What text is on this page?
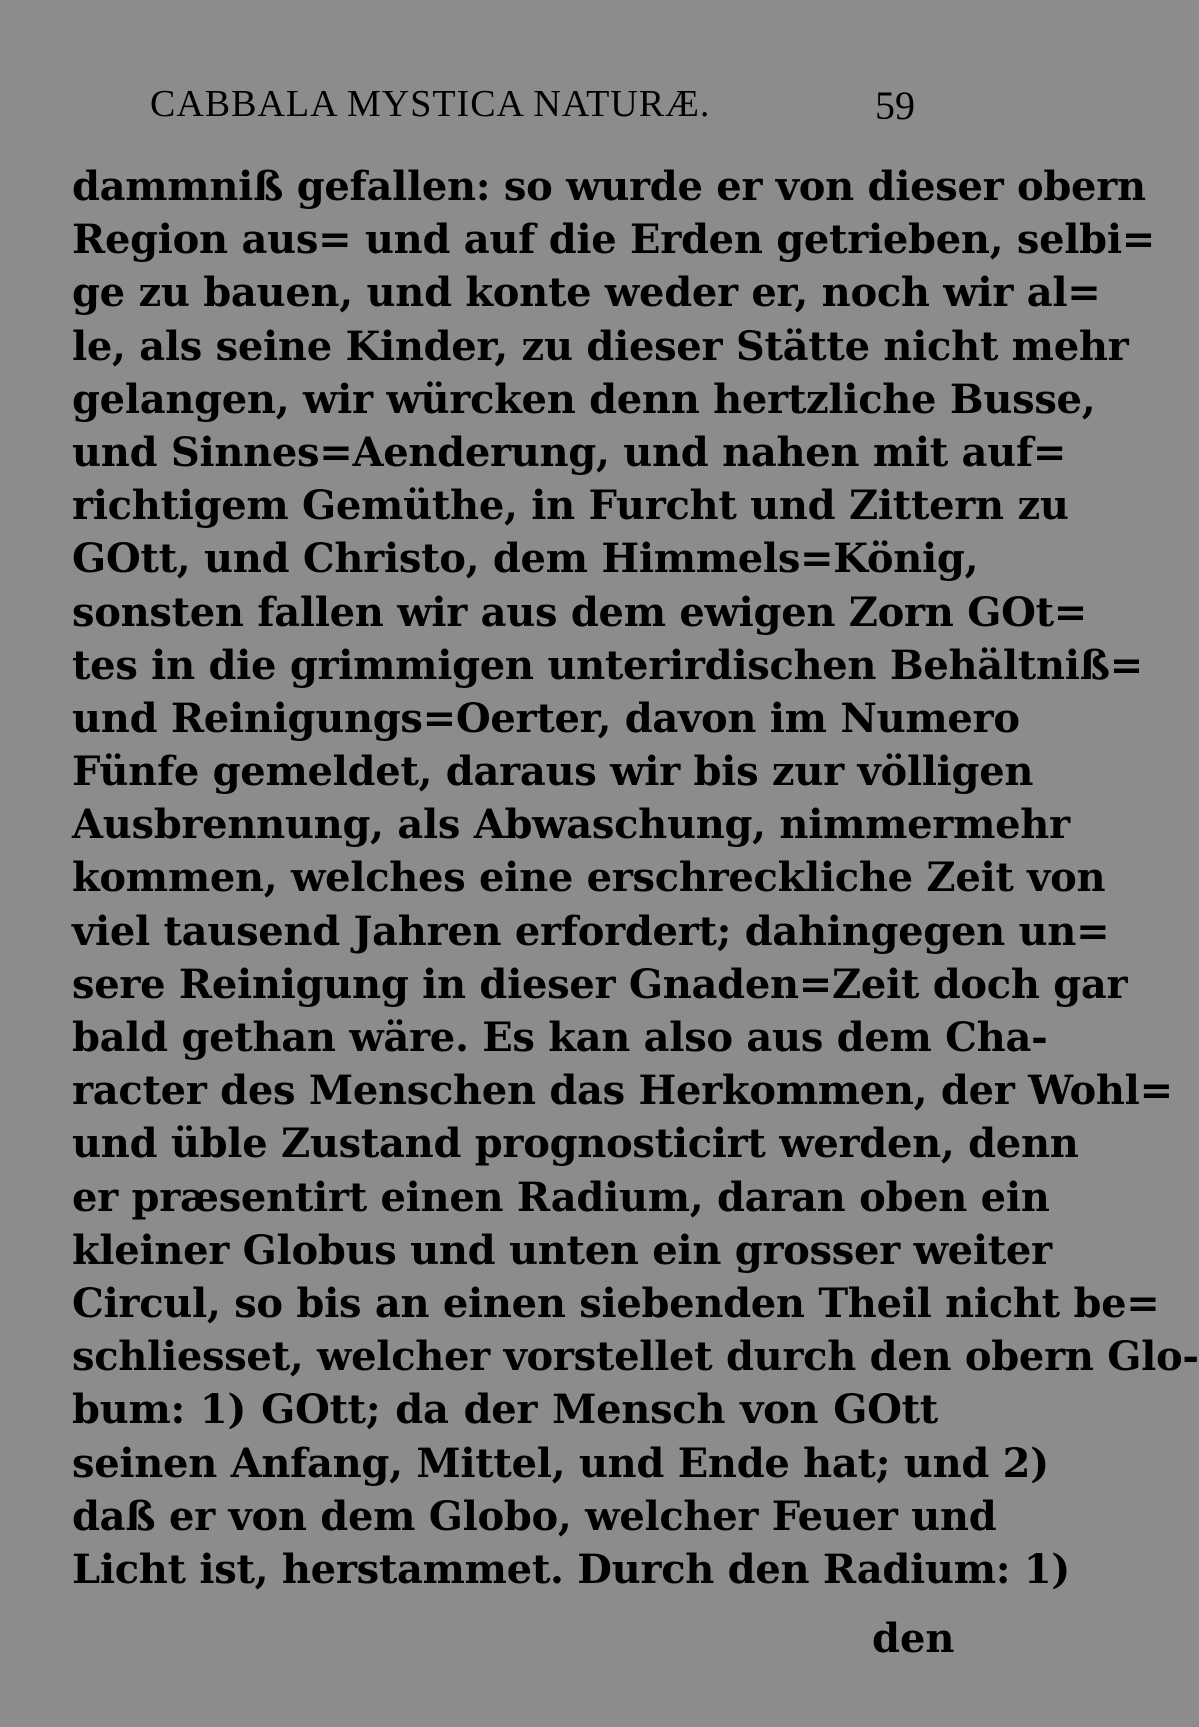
CABBALA MYSTICA NATURÆ.	59
dammniß gefallen: so wurde er von dieser obern
Region aus= und auf die Erden getrieben, selbi=
ge zu bauen, und konte weder er, noch wir al=
le, als seine Kinder, zu dieser Stätte nicht mehr
gelangen, wir würcken denn hertzliche Busse,
und Sinnes=Aenderung, und nahen mit auf=
richtigem Gemüthe, in Furcht und Zittern zu
GOtt, und Christo, dem Himmels=König,
sonsten fallen wir aus dem ewigen Zorn GOt=
tes in die grimmigen unterirdischen Behältniß=
und Reinigungs=Oerter, davon im Numero
Fünfe gemeldet, daraus wir bis zur völligen
Ausbrennung, als Abwaschung, nimmermehr
kommen, welches eine erschreckliche Zeit von
viel tausend Jahren erfordert; dahingegen un=
sere Reinigung in dieser Gnaden=Zeit doch gar
bald gethan wäre. Es kan also aus dem Cha-
racter des Menschen das Herkommen, der Wohl=
und üble Zustand prognosticirt werden, denn
er præsentirt einen Radium, daran oben ein
kleiner Globus und unten ein grosser weiter
Circul, so bis an einen siebenden Theil nicht be=
schliesset, welcher vorstellet durch den obern Glo-
bum: 1) GOtt; da der Mensch von GOtt
seinen Anfang, Mittel, und Ende hat; und 2)
daß er von dem Globo, welcher Feuer und
Licht ist, herstammet. Durch den Radium: 1)
den
